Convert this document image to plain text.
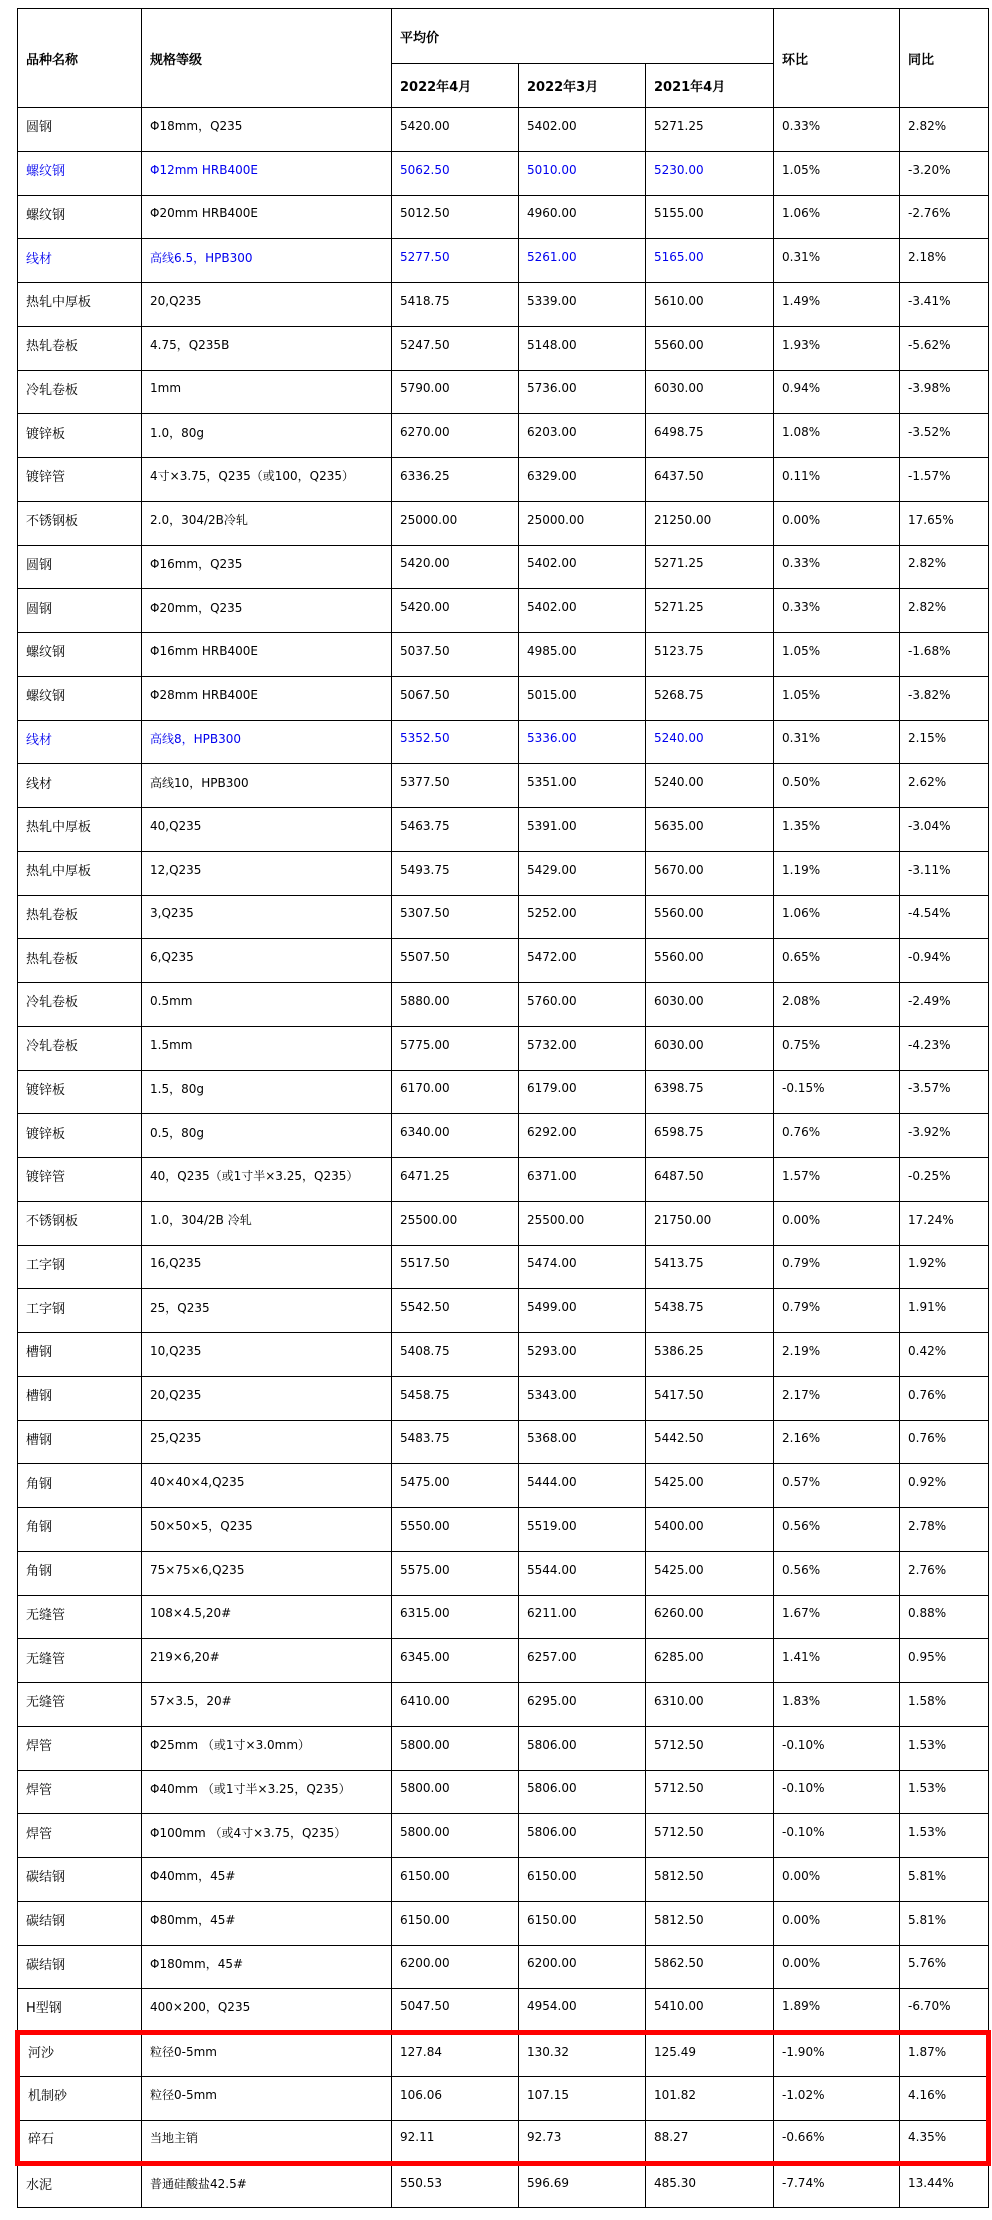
品种名称	规格等级	平均价			环比	同比
		2022年4月	2022年3月	2021年4月		
圆钢	Φ18mm，Q235	5420.00	5402.00	5271.25	0.33%	2.82%
螺纹钢	Φ12mm HRB400E	5062.50	5010.00	5230.00	1.05%	-3.20%
螺纹钢	Φ20mm HRB400E	5012.50	4960.00	5155.00	1.06%	-2.76%
线材	高线6.5，HPB300	5277.50	5261.00	5165.00	0.31%	2.18%
热轧中厚板	20,Q235	5418.75	5339.00	5610.00	1.49%	-3.41%
热轧卷板	4.75，Q235B	5247.50	5148.00	5560.00	1.93%	-5.62%
冷轧卷板	1mm	5790.00	5736.00	6030.00	0.94%	-3.98%
镀锌板	1.0，80g	6270.00	6203.00	6498.75	1.08%	-3.52%
镀锌管	4寸×3.75，Q235（或100，Q235）	6336.25	6329.00	6437.50	0.11%	-1.57%
不锈钢板	2.0，304/2B冷轧	25000.00	25000.00	21250.00	0.00%	17.65%
圆钢	Φ16mm，Q235	5420.00	5402.00	5271.25	0.33%	2.82%
圆钢	Φ20mm，Q235	5420.00	5402.00	5271.25	0.33%	2.82%
螺纹钢	Φ16mm HRB400E	5037.50	4985.00	5123.75	1.05%	-1.68%
螺纹钢	Φ28mm HRB400E	5067.50	5015.00	5268.75	1.05%	-3.82%
线材	高线8，HPB300	5352.50	5336.00	5240.00	0.31%	2.15%
线材	高线10，HPB300	5377.50	5351.00	5240.00	0.50%	2.62%
热轧中厚板	40,Q235	5463.75	5391.00	5635.00	1.35%	-3.04%
热轧中厚板	12,Q235	5493.75	5429.00	5670.00	1.19%	-3.11%
热轧卷板	3,Q235	5307.50	5252.00	5560.00	1.06%	-4.54%
热轧卷板	6,Q235	5507.50	5472.00	5560.00	0.65%	-0.94%
冷轧卷板	0.5mm	5880.00	5760.00	6030.00	2.08%	-2.49%
冷轧卷板	1.5mm	5775.00	5732.00	6030.00	0.75%	-4.23%
镀锌板	1.5，80g	6170.00	6179.00	6398.75	-0.15%	-3.57%
镀锌板	0.5，80g	6340.00	6292.00	6598.75	0.76%	-3.92%
镀锌管	40，Q235（或1寸半×3.25，Q235）	6471.25	6371.00	6487.50	1.57%	-0.25%
不锈钢板	1.0，304/2B 冷轧	25500.00	25500.00	21750.00	0.00%	17.24%
工字钢	16,Q235	5517.50	5474.00	5413.75	0.79%	1.92%
工字钢	25，Q235	5542.50	5499.00	5438.75	0.79%	1.91%
槽钢	10,Q235	5408.75	5293.00	5386.25	2.19%	0.42%
槽钢	20,Q235	5458.75	5343.00	5417.50	2.17%	0.76%
槽钢	25,Q235	5483.75	5368.00	5442.50	2.16%	0.76%
角钢	40×40×4,Q235	5475.00	5444.00	5425.00	0.57%	0.92%
角钢	50×50×5，Q235	5550.00	5519.00	5400.00	0.56%	2.78%
角钢	75×75×6,Q235	5575.00	5544.00	5425.00	0.56%	2.76%
无缝管	108×4.5,20#	6315.00	6211.00	6260.00	1.67%	0.88%
无缝管	219×6,20#	6345.00	6257.00	6285.00	1.41%	0.95%
无缝管	57×3.5，20#	6410.00	6295.00	6310.00	1.83%	1.58%
焊管	Φ25mm （或1寸×3.0mm）	5800.00	5806.00	5712.50	-0.10%	1.53%
焊管	Φ40mm （或1寸半×3.25，Q235）	5800.00	5806.00	5712.50	-0.10%	1.53%
焊管	Φ100mm （或4寸×3.75，Q235）	5800.00	5806.00	5712.50	-0.10%	1.53%
碳结钢	Φ40mm，45#	6150.00	6150.00	5812.50	0.00%	5.81%
碳结钢	Φ80mm，45#	6150.00	6150.00	5812.50	0.00%	5.81%
碳结钢	Φ180mm，45#	6200.00	6200.00	5862.50	0.00%	5.76%
H型钢	400×200，Q235	5047.50	4954.00	5410.00	1.89%	-6.70%
河沙	粒径0-5mm	127.84	130.32	125.49	-1.90%	1.87%
机制砂	粒径0-5mm	106.06	107.15	101.82	-1.02%	4.16%
碎石	当地主销	92.11	92.73	88.27	-0.66%	4.35%
水泥	普通硅酸盐42.5#	550.53	596.69	485.30	-7.74%	13.44%
